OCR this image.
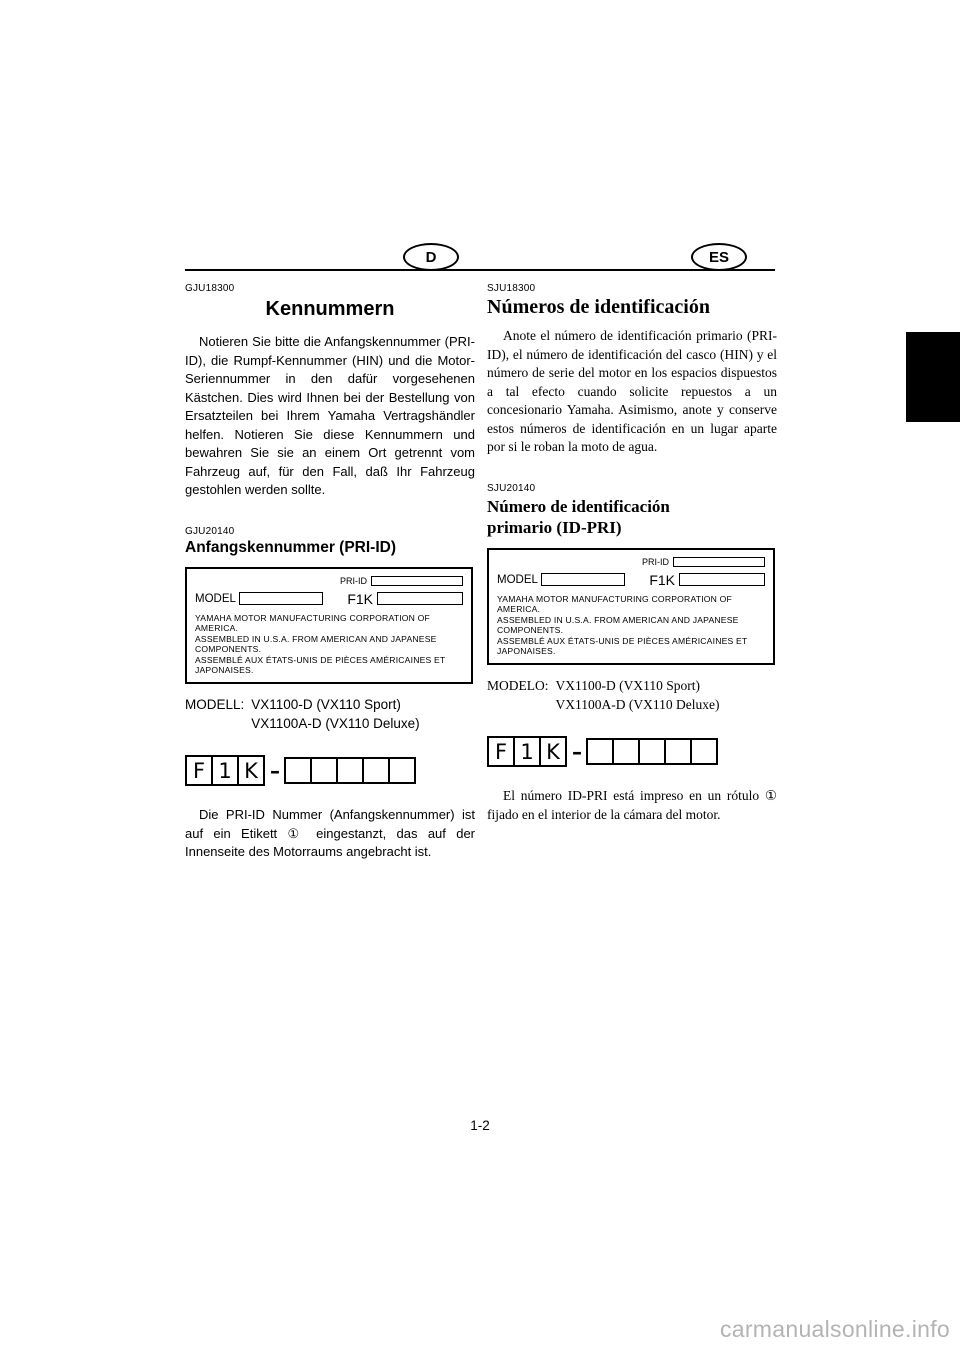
D	ES
GJU18300
Kennummern

Notieren Sie bitte die Anfangskennummer (PRI-ID), die Rumpf-Kennummer (HIN) und die Motor-Seriennummer in den dafür vorgesehenen Kästchen. Dies wird Ihnen bei der Bestellung von Ersatzteilen bei Ihrem Yamaha Vertragshändler helfen. Notieren Sie diese Kennummern und bewahren Sie sie an einem Ort getrennt vom Fahrzeug auf, für den Fall, daß Ihr Fahrzeug gestohlen werden sollte.

GJU20140
Anfangskennummer (PRI-ID)
PRI-ID
MODEL	F1K
YAMAHA MOTOR MANUFACTURING CORPORATION OF AMERICA.
ASSEMBLED IN U.S.A. FROM AMERICAN AND JAPANESE
COMPONENTS.
ASSEMBLÉ AUX ÉTATS-UNIS DE PIÈCES AMÉRICAINES ET
JAPONAISES.
MODELL: VX1100-D (VX110 Sport)
VX1100A-D (VX110 Deluxe)
F 1 K –

Die PRI-ID Nummer (Anfangskennummer) ist auf ein Etikett ① eingestanzt, das auf der Innenseite des Motorraums angebracht ist.

SJU18300
Números de identificación

Anote el número de identificación primario (PRI-ID), el número de identificación del casco (HIN) y el número de serie del motor en los espacios dispuestos a tal efecto cuando solicite repuestos a un concesionario Yamaha. Asimismo, anote y conserve estos números de identificación en un lugar aparte por si le roban la moto de agua.

SJU20140
Número de identificación primario (ID-PRI)
PRI-ID
MODEL	F1K
YAMAHA MOTOR MANUFACTURING CORPORATION OF AMERICA.
ASSEMBLED IN U.S.A. FROM AMERICAN AND JAPANESE
COMPONENTS.
ASSEMBLÉ AUX ÉTATS-UNIS DE PIÈCES AMÉRICAINES ET
JAPONAISES.
MODELO: VX1100-D (VX110 Sport)
VX1100A-D (VX110 Deluxe)
F 1 K –

El número ID-PRI está impreso en un rótulo ① fijado en el interior de la cámara del motor.

1-2
carmanualsonline.info
